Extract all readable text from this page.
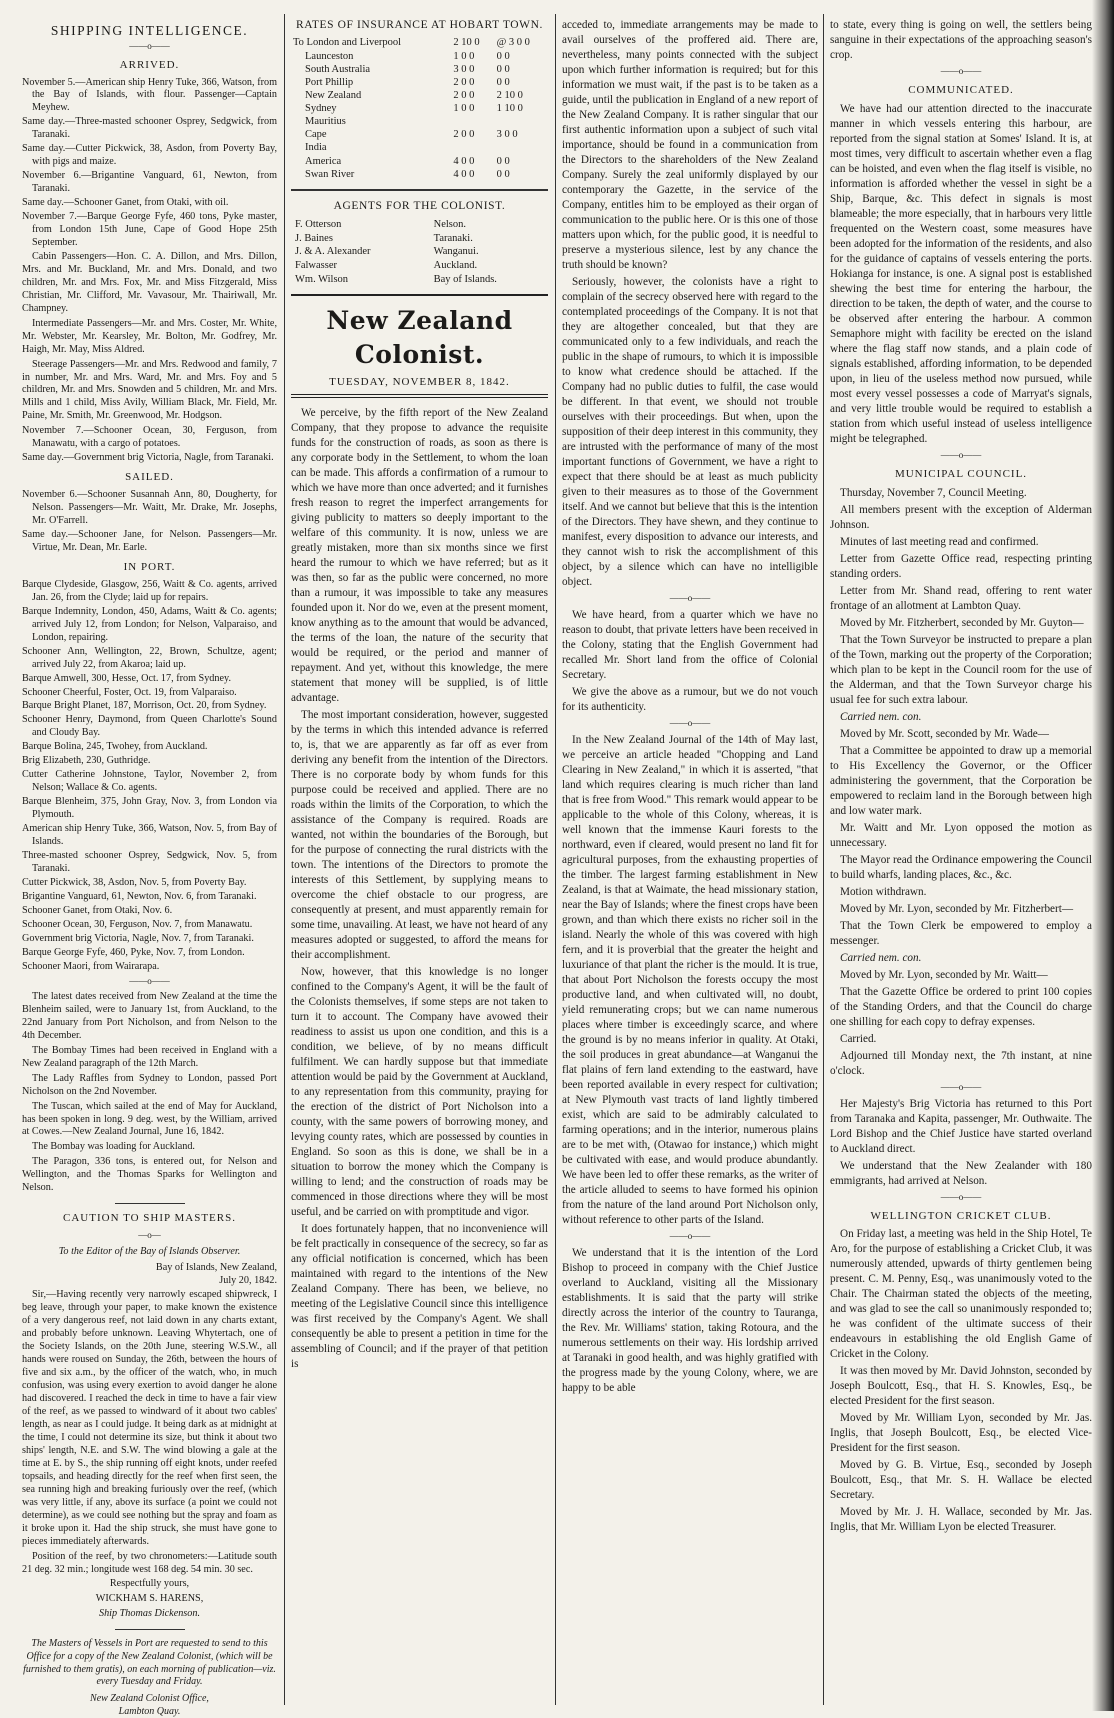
SHIPPING INTELLIGENCE.
——o——
ARRIVED.

November 5.—American ship Henry Tuke, 366, Watson, from the Bay of Islands, with flour. Passenger—Captain Meyhew.

Same day.—Three-masted schooner Osprey, Sedgwick, from Taranaki.

Same day.—Cutter Pickwick, 38, Asdon, from Poverty Bay, with pigs and maize.

November 6.—Brigantine Vanguard, 61, Newton, from Taranaki.

Same day.—Schooner Ganet, from Otaki, with oil.

November 7.—Barque George Fyfe, 460 tons, Pyke master, from London 15th June, Cape of Good Hope 25th September.

Cabin Passengers—Hon. C. A. Dillon, and Mrs. Dillon, Mrs. and Mr. Buckland, Mr. and Mrs. Donald, and two children, Mr. and Mrs. Fox, Mr. and Miss Fitzgerald, Miss Christian, Mr. Clifford, Mr. Vavasour, Mr. Thairiwall, Mr. Champney.

Intermediate Passengers—Mr. and Mrs. Coster, Mr. White, Mr. Webster, Mr. Kearsley, Mr. Bolton, Mr. Godfrey, Mr. Haigh, Mr. May, Miss Aldred.

Steerage Passengers—Mr. and Mrs. Redwood and family, 7 in number, Mr. and Mrs. Ward, Mr. and Mrs. Foy and 5 children, Mr. and Mrs. Snowden and 5 children, Mr. and Mrs. Mills and 1 child, Miss Avily, William Black, Mr. Field, Mr. Paine, Mr. Smith, Mr. Greenwood, Mr. Hodgson.

November 7.—Schooner Ocean, 30, Ferguson, from Manawatu, with a cargo of potatoes.

Same day.—Government brig Victoria, Nagle, from Taranaki.

SAILED.

November 6.—Schooner Susannah Ann, 80, Dougherty, for Nelson. Passengers—Mr. Waitt, Mr. Drake, Mr. Josephs, Mr. O'Farrell.

Same day.—Schooner Jane, for Nelson. Passengers—Mr. Virtue, Mr. Dean, Mr. Earle.

IN PORT.

Barque Clydeside, Glasgow, 256, Waitt & Co. agents, arrived Jan. 26, from the Clyde; laid up for repairs.

Barque Indemnity, London, 450, Adams, Waitt & Co. agents; arrived July 12, from London; for Nelson, Valparaiso, and London, repairing.

Schooner Ann, Wellington, 22, Brown, Schultze, agent; arrived July 22, from Akaroa; laid up.

Barque Amwell, 300, Hesse, Oct. 17, from Sydney.

Schooner Cheerful, Foster, Oct. 19, from Valparaiso.

Barque Bright Planet, 187, Morrison, Oct. 20, from Sydney.

Schooner Henry, Daymond, from Queen Charlotte's Sound and Cloudy Bay.

Barque Bolina, 245, Twohey, from Auckland.

Brig Elizabeth, 230, Guthridge.

Cutter Catherine Johnstone, Taylor, November 2, from Nelson; Wallace & Co. agents.

Barque Blenheim, 375, John Gray, Nov. 3, from London via Plymouth.

American ship Henry Tuke, 366, Watson, Nov. 5, from Bay of Islands.

Three-masted schooner Osprey, Sedgwick, Nov. 5, from Taranaki.

Cutter Pickwick, 38, Asdon, Nov. 5, from Poverty Bay.

Brigantine Vanguard, 61, Newton, Nov. 6, from Taranaki.

Schooner Ganet, from Otaki, Nov. 6.

Schooner Ocean, 30, Ferguson, Nov. 7, from Manawatu.

Government brig Victoria, Nagle, Nov. 7, from Taranaki.

Barque George Fyfe, 460, Pyke, Nov. 7, from London.

Schooner Maori, from Wairarapa.

——o——

The latest dates received from New Zealand at the time the Blenheim sailed, were to January 1st, from Auckland, to the 22nd January from Port Nicholson, and from Nelson to the 4th December.

The Bombay Times had been received in England with a New Zealand paragraph of the 12th March.

The Lady Raffles from Sydney to London, passed Port Nicholson on the 2nd November.

The Tuscan, which sailed at the end of May for Auckland, has been spoken in long. 9 deg. west, by the William, arrived at Cowes.—New Zealand Journal, June 16, 1842.

The Bombay was loading for Auckland.

The Paragon, 336 tons, is entered out, for Nelson and Wellington, and the Thomas Sparks for Wellington and Nelson.

CAUTION TO SHIP MASTERS.
—o—

To the Editor of the Bay of Islands Observer.

Bay of Islands, New Zealand,

July 20, 1842.

Sir,—Having recently very narrowly escaped shipwreck, I beg leave, through your paper, to make known the existence of a very dangerous reef, not laid down in any charts extant, and probably before unknown. Leaving Whytertach, one of the Society Islands, on the 20th June, steering W.S.W., all hands were roused on Sunday, the 26th, between the hours of five and six a.m., by the officer of the watch, who, in much confusion, was using every exertion to avoid danger he alone had discovered. I reached the deck in time to have a fair view of the reef, as we passed to windward of it about two cables' length, as near as I could judge. It being dark as at midnight at the time, I could not determine its size, but think it about two ships' length, N.E. and S.W. The wind blowing a gale at the time at E. by S., the ship running off eight knots, under reefed topsails, and heading directly for the reef when first seen, the sea running high and breaking furiously over the reef, (which was very little, if any, above its surface (a point we could not determine), as we could see nothing but the spray and foam as it broke upon it. Had the ship struck, she must have gone to pieces immediately afterwards.

Position of the reef, by two chronometers:—Latitude south 21 deg. 32 min.; longitude west 168 deg. 54 min. 30 sec.

Respectfully yours,

WICKHAM S. HARENS,

Ship Thomas Dickenson.

The Masters of Vessels in Port are requested to send to this Office for a copy of the New Zealand Colonist, (which will be furnished to them gratis), on each morning of publication—viz. every Tuesday and Friday.

New Zealand Colonist Office,

Lambton Quay.

RATES OF INSURANCE AT HOBART TOWN.
To London and Liverpool	2 10 0	@ 3 0 0
Launceston	1 0 0	0 0
South Australia	3 0 0	0 0
Port Phillip	2 0 0	0 0
New Zealand	2 0 0	2 10 0
Sydney	1 0 0	1 10 0
Mauritius		
Cape	2 0 0	3 0 0
India		
America	4 0 0	0 0
Swan River	4 0 0	0 0
AGENTS FOR THE COLONIST.
F. Otterson	Nelson.
J. Baines	Taranaki.
J. & A. Alexander	Wanganui.
Falwasser	Auckland.
Wm. Wilson	Bay of Islands.
New Zealand Colonist.
TUESDAY, NOVEMBER 8, 1842.

We perceive, by the fifth report of the New Zealand Company, that they propose to advance the requisite funds for the construction of roads, as soon as there is any corporate body in the Settlement, to whom the loan can be made. This affords a confirmation of a rumour to which we have more than once adverted; and it furnishes fresh reason to regret the imperfect arrangements for giving publicity to matters so deeply important to the welfare of this community. It is now, unless we are greatly mistaken, more than six months since we first heard the rumour to which we have referred; but as it was then, so far as the public were concerned, no more than a rumour, it was impossible to take any measures founded upon it. Nor do we, even at the present moment, know anything as to the amount that would be advanced, the terms of the loan, the nature of the security that would be required, or the period and manner of repayment. And yet, without this knowledge, the mere statement that money will be supplied, is of little advantage.

The most important consideration, however, suggested by the terms in which this intended advance is referred to, is, that we are apparently as far off as ever from deriving any benefit from the intention of the Directors. There is no corporate body by whom funds for this purpose could be received and applied. There are no roads within the limits of the Corporation, to which the assistance of the Company is required. Roads are wanted, not within the boundaries of the Borough, but for the purpose of connecting the rural districts with the town. The intentions of the Directors to promote the interests of this Settlement, by supplying means to overcome the chief obstacle to our progress, are consequently at present, and must apparently remain for some time, unavailing. At least, we have not heard of any measures adopted or suggested, to afford the means for their accomplishment.

Now, however, that this knowledge is no longer confined to the Company's Agent, it will be the fault of the Colonists themselves, if some steps are not taken to turn it to account. The Company have avowed their readiness to assist us upon one condition, and this is a condition, we believe, of by no means difficult fulfilment. We can hardly suppose but that immediate attention would be paid by the Government at Auckland, to any representation from this community, praying for the erection of the district of Port Nicholson into a county, with the same powers of borrowing money, and levying county rates, which are possessed by counties in England. So soon as this is done, we shall be in a situation to borrow the money which the Company is willing to lend; and the construction of roads may be commenced in those directions where they will be most useful, and be carried on with promptitude and vigor.

It does fortunately happen, that no inconvenience will be felt practically in consequence of the secrecy, so far as any official notification is concerned, which has been maintained with regard to the intentions of the New Zealand Company. There has been, we believe, no meeting of the Legislative Council since this intelligence was first received by the Company's Agent. We shall consequently be able to present a petition in time for the assembling of Council; and if the prayer of that petition is

acceded to, immediate arrangements may be made to avail ourselves of the proffered aid. There are, nevertheless, many points connected with the subject upon which further information is required; but for this information we must wait, if the past is to be taken as a guide, until the publication in England of a new report of the New Zealand Company. It is rather singular that our first authentic information upon a subject of such vital importance, should be found in a communication from the Directors to the shareholders of the New Zealand Company. Surely the zeal uniformly displayed by our contemporary the Gazette, in the service of the Company, entitles him to be employed as their organ of communication to the public here. Or is this one of those matters upon which, for the public good, it is needful to preserve a mysterious silence, lest by any chance the truth should be known?

Seriously, however, the colonists have a right to complain of the secrecy observed here with regard to the contemplated proceedings of the Company. It is not that they are altogether concealed, but that they are communicated only to a few individuals, and reach the public in the shape of rumours, to which it is impossible to know what credence should be attached. If the Company had no public duties to fulfil, the case would be different. In that event, we should not trouble ourselves with their proceedings. But when, upon the supposition of their deep interest in this community, they are intrusted with the performance of many of the most important functions of Government, we have a right to expect that there should be at least as much publicity given to their measures as to those of the Government itself. And we cannot but believe that this is the intention of the Directors. They have shewn, and they continue to manifest, every disposition to advance our interests, and they cannot wish to risk the accomplishment of this object, by a silence which can have no intelligible object.

——o——

We have heard, from a quarter which we have no reason to doubt, that private letters have been received in the Colony, stating that the English Government had recalled Mr. Short land from the office of Colonial Secretary.

We give the above as a rumour, but we do not vouch for its authenticity.

——o——

In the New Zealand Journal of the 14th of May last, we perceive an article headed "Chopping and Land Clearing in New Zealand," in which it is asserted, "that land which requires clearing is much richer than land that is free from Wood." This remark would appear to be applicable to the whole of this Colony, whereas, it is well known that the immense Kauri forests to the northward, even if cleared, would present no land fit for agricultural purposes, from the exhausting properties of the timber. The largest farming establishment in New Zealand, is that at Waimate, the head missionary station, near the Bay of Islands; where the finest crops have been grown, and than which there exists no richer soil in the island. Nearly the whole of this was covered with high fern, and it is proverbial that the greater the height and luxuriance of that plant the richer is the mould. It is true, that about Port Nicholson the forests occupy the most productive land, and when cultivated will, no doubt, yield remunerating crops; but we can name numerous places where timber is exceedingly scarce, and where the ground is by no means inferior in quality. At Otaki, the soil produces in great abundance—at Wanganui the flat plains of fern land extending to the eastward, have been reported available in every respect for cultivation; at New Plymouth vast tracts of land lightly timbered exist, which are said to be admirably calculated to farming operations; and in the interior, numerous plains are to be met with, (Otawao for instance,) which might be cultivated with ease, and would produce abundantly. We have been led to offer these remarks, as the writer of the article alluded to seems to have formed his opinion from the nature of the land around Port Nicholson only, without reference to other parts of the Island.

——o——

We understand that it is the intention of the Lord Bishop to proceed in company with the Chief Justice overland to Auckland, visiting all the Missionary establishments. It is said that the party will strike directly across the interior of the country to Tauranga, the Rev. Mr. Williams' station, taking Rotoura, and the numerous settlements on their way. His lordship arrived at Taranaki in good health, and was highly gratified with the progress made by the young Colony, where, we are happy to be able

to state, every thing is going on well, the settlers being sanguine in their expectations of the approaching season's crop.

——o——
COMMUNICATED.

We have had our attention directed to the inaccurate manner in which vessels entering this harbour, are reported from the signal station at Somes' Island. It is, at most times, very difficult to ascertain whether even a flag can be hoisted, and even when the flag itself is visible, no information is afforded whether the vessel in sight be a Ship, Barque, &c. This defect in signals is most blameable; the more especially, that in harbours very little frequented on the Western coast, some measures have been adopted for the information of the residents, and also for the guidance of captains of vessels entering the ports. Hokianga for instance, is one. A signal post is established shewing the best time for entering the harbour, the direction to be taken, the depth of water, and the course to be observed after entering the harbour. A common Semaphore might with facility be erected on the island where the flag staff now stands, and a plain code of signals established, affording information, to be depended upon, in lieu of the useless method now pursued, while most every vessel possesses a code of Marryat's signals, and very little trouble would be required to establish a station from which useful instead of useless intelligence might be telegraphed.

——o——
MUNICIPAL COUNCIL.

Thursday, November 7, Council Meeting.

All members present with the exception of Alderman Johnson.

Minutes of last meeting read and confirmed.

Letter from Gazette Office read, respecting printing standing orders.

Letter from Mr. Shand read, offering to rent water frontage of an allotment at Lambton Quay.

Moved by Mr. Fitzherbert, seconded by Mr. Guyton—

That the Town Surveyor be instructed to prepare a plan of the Town, marking out the property of the Corporation; which plan to be kept in the Council room for the use of the Alderman, and that the Town Surveyor charge his usual fee for such extra labour.

Carried nem. con.

Moved by Mr. Scott, seconded by Mr. Wade—

That a Committee be appointed to draw up a memorial to His Excellency the Governor, or the Officer administering the government, that the Corporation be empowered to reclaim land in the Borough between high and low water mark.

Mr. Waitt and Mr. Lyon opposed the motion as unnecessary.

The Mayor read the Ordinance empowering the Council to build wharfs, landing places, &c., &c.

Motion withdrawn.

Moved by Mr. Lyon, seconded by Mr. Fitzherbert—

That the Town Clerk be empowered to employ a messenger.

Carried nem. con.

Moved by Mr. Lyon, seconded by Mr. Waitt—

That the Gazette Office be ordered to print 100 copies of the Standing Orders, and that the Council do charge one shilling for each copy to defray expenses.

Carried.

Adjourned till Monday next, the 7th instant, at nine o'clock.

——o——

Her Majesty's Brig Victoria has returned to this Port from Taranaka and Kapita, passenger, Mr. Outhwaite. The Lord Bishop and the Chief Justice have started overland to Auckland direct.

We understand that the New Zealander with 180 emmigrants, had arrived at Nelson.

——o——
WELLINGTON CRICKET CLUB.

On Friday last, a meeting was held in the Ship Hotel, Te Aro, for the purpose of establishing a Cricket Club, it was numerously attended, upwards of thirty gentlemen being present. C. M. Penny, Esq., was unanimously voted to the Chair. The Chairman stated the objects of the meeting, and was glad to see the call so unanimously responded to; he was confident of the ultimate success of their endeavours in establishing the old English Game of Cricket in the Colony.

It was then moved by Mr. David Johnston, seconded by Joseph Boulcott, Esq., that H. S. Knowles, Esq., be elected President for the first season.

Moved by Mr. William Lyon, seconded by Mr. Jas. Inglis, that Joseph Boulcott, Esq., be elected Vice-President for the first season.

Moved by G. B. Virtue, Esq., seconded by Joseph Boulcott, Esq., that Mr. S. H. Wallace be elected Secretary.

Moved by Mr. J. H. Wallace, seconded by Mr. Jas. Inglis, that Mr. William Lyon be elected Treasurer.
